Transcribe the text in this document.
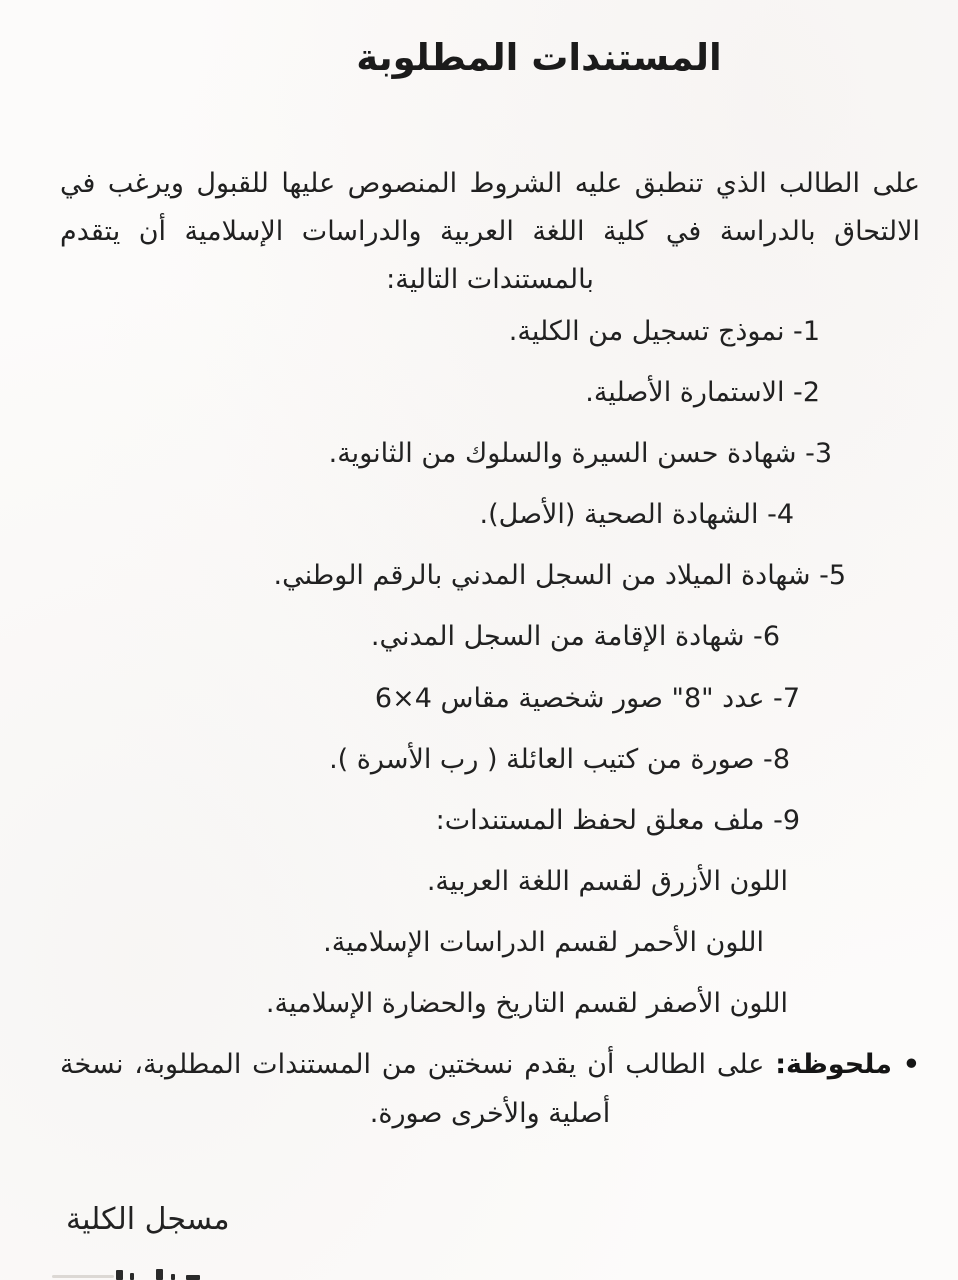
المستندات المطلوبة

على الطالب الذي تنطبق عليه الشروط المنصوص عليها للقبول ويرغب في الالتحاق بالدراسة في كلية اللغة العربية والدراسات الإسلامية أن يتقدم بالمستندات التالية:

1- نموذج تسجيل من الكلية.
2- الاستمارة الأصلية.
3- شهادة حسن السيرة والسلوك من الثانوية.
4- الشهادة الصحية (الأصل).
5- شهادة الميلاد من السجل المدني بالرقم الوطني.
6- شهادة الإقامة من السجل المدني.
7- عدد "8" صور شخصية مقاس 4×6
8- صورة من كتيب العائلة ( رب الأسرة ).
9- ملف معلق لحفظ المستندات:
اللون الأزرق لقسم اللغة العربية.
اللون الأحمر لقسم الدراسات الإسلامية.
اللون الأصفر لقسم التاريخ والحضارة الإسلامية.

• ملحوظة: على الطالب أن يقدم نسختين من المستندات المطلوبة، نسخة أصلية والأخرى صورة.

مسجل الكلية
